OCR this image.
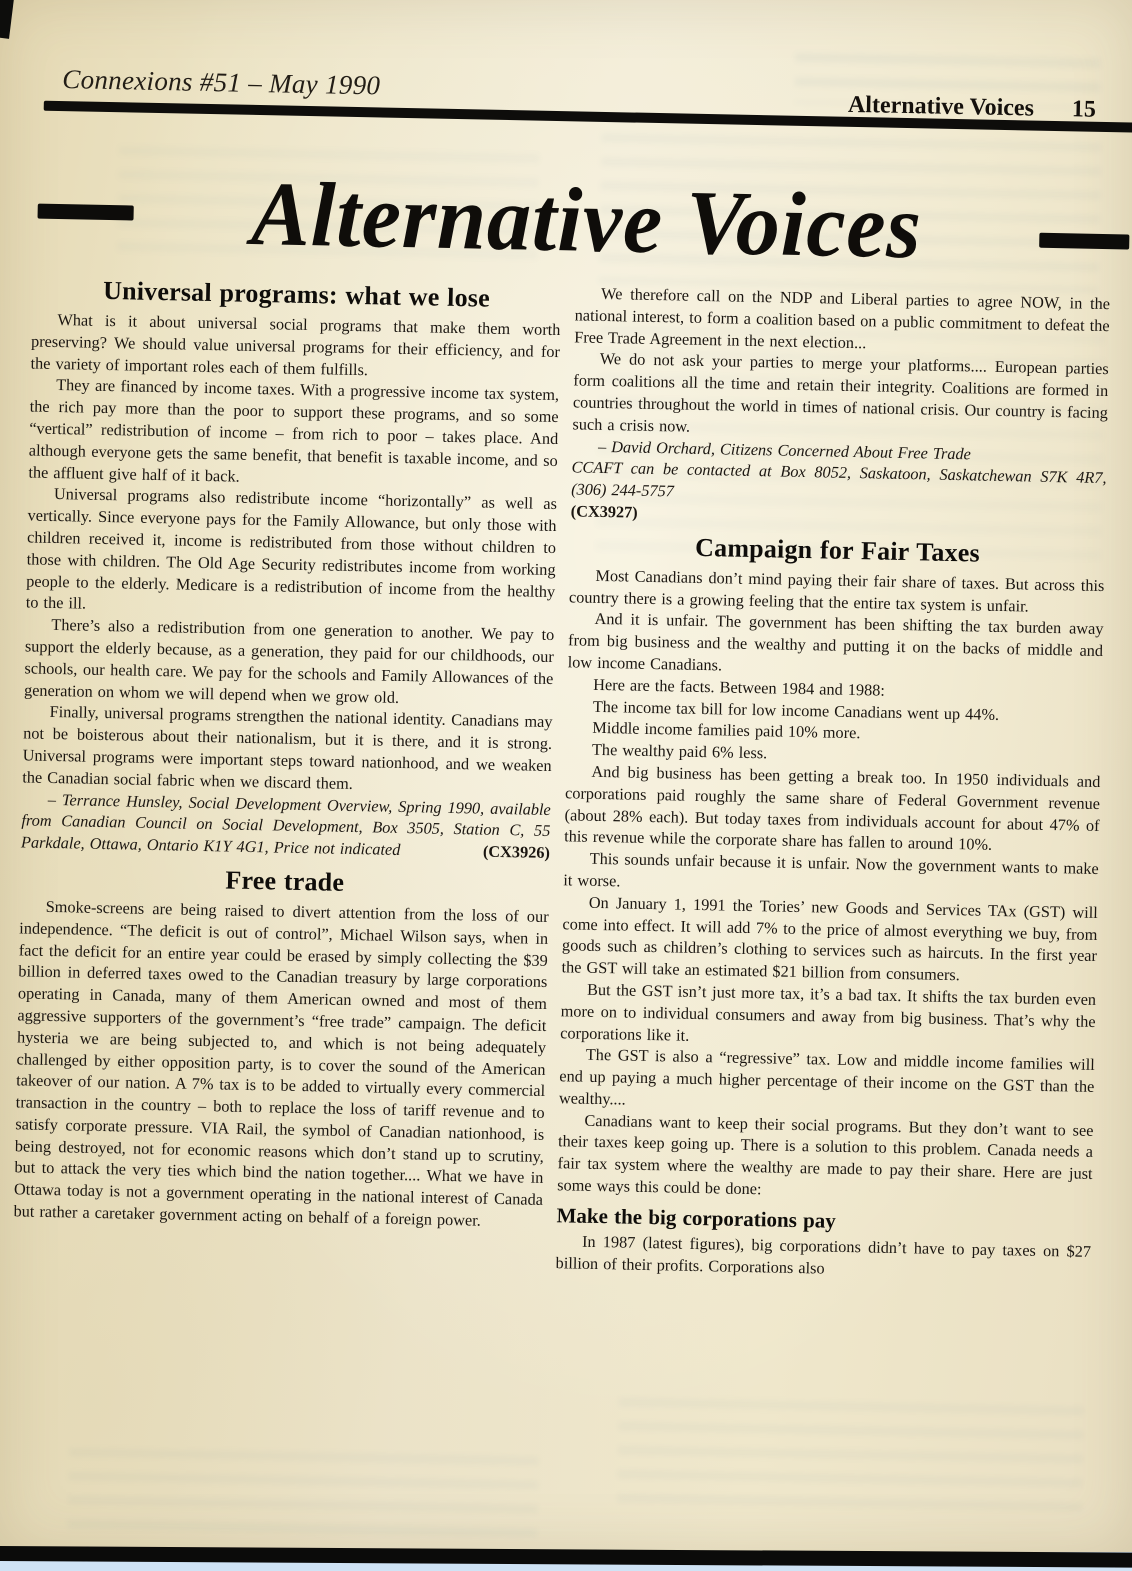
Connexions #51 – May 1990
Alternative Voices 15
Alternative Voices
Universal programs: what we lose

What is it about universal social programs that make them worth preserving? We should value universal programs for their efficiency, and for the variety of important roles each of them fulfills.

They are financed by income taxes. With a progressive income tax system, the rich pay more than the poor to support these programs, and so some “vertical” redistribution of income – from rich to poor – takes place. And although everyone gets the same benefit, that benefit is taxable income, and so the affluent give half of it back.

Universal programs also redistribute income “horizontally” as well as vertically. Since everyone pays for the Family Allowance, but only those with children received it, income is redistributed from those without children to those with children. The Old Age Security redistributes income from working people to the elderly. Medicare is a redistribution of income from the healthy to the ill.

There’s also a redistribution from one generation to another. We pay to support the elderly because, as a generation, they paid for our childhoods, our schools, our health care. We pay for the schools and Family Allowances of the generation on whom we will depend when we grow old.

Finally, universal programs strengthen the national identity. Canadians may not be boisterous about their nationalism, but it is there, and it is strong. Universal programs were important steps toward nationhood, and we weaken the Canadian social fabric when we discard them.

– Terrance Hunsley, Social Development Overview, Spring 1990, available from Canadian Council on Social Development, Box 3505, Station C, 55 Parkdale, Ottawa, Ontario K1Y 4G1, Price not indicated	(CX3926)

Free trade

Smoke-screens are being raised to divert attention from the loss of our independence. “The deficit is out of control”, Michael Wilson says, when in fact the deficit for an entire year could be erased by simply collecting the $39 billion in deferred taxes owed to the Canadian treasury by large corporations operating in Canada, many of them American owned and most of them aggressive supporters of the government’s “free trade” campaign. The deficit hysteria we are being subjected to, and which is not being adequately challenged by either opposition party, is to cover the sound of the American takeover of our nation. A 7% tax is to be added to virtually every commercial transaction in the country – both to replace the loss of tariff revenue and to satisfy corporate pressure. VIA Rail, the symbol of Canadian nationhood, is being destroyed, not for economic reasons which don’t stand up to scrutiny, but to attack the very ties which bind the nation together.... What we have in Ottawa today is not a government operating in the national interest of Canada but rather a caretaker government acting on behalf of a foreign power.

We therefore call on the NDP and Liberal parties to agree NOW, in the national interest, to form a coalition based on a public commitment to defeat the Free Trade Agreement in the next election...

We do not ask your parties to merge your platforms.... European parties form coalitions all the time and retain their integrity. Coalitions are formed in countries throughout the world in times of national crisis. Our country is facing such a crisis now.

– David Orchard, Citizens Concerned About Free Trade

CCAFT can be contacted at Box 8052, Saskatoon, Saskatchewan S7K 4R7, (306) 244-5757

(CX3927)

Campaign for Fair Taxes

Most Canadians don’t mind paying their fair share of taxes. But across this country there is a growing feeling that the entire tax system is unfair.

And it is unfair. The government has been shifting the tax burden away from big business and the wealthy and putting it on the backs of middle and low income Canadians.

Here are the facts. Between 1984 and 1988:

The income tax bill for low income Canadians went up 44%.

Middle income families paid 10% more.

The wealthy paid 6% less.

And big business has been getting a break too. In 1950 individuals and corporations paid roughly the same share of Federal Government revenue (about 28% each). But today taxes from individuals account for about 47% of this revenue while the corporate share has fallen to around 10%.

This sounds unfair because it is unfair. Now the government wants to make it worse.

On January 1, 1991 the Tories’ new Goods and Services TAx (GST) will come into effect. It will add 7% to the price of almost everything we buy, from goods such as children’s clothing to services such as haircuts. In the first year the GST will take an estimated $21 billion from consumers.

But the GST isn’t just more tax, it’s a bad tax. It shifts the tax burden even more on to individual consumers and away from big business. That’s why the corporations like it.

The GST is also a “regressive” tax. Low and middle income families will end up paying a much higher percentage of their income on the GST than the wealthy....

Canadians want to keep their social programs. But they don’t want to see their taxes keep going up. There is a solution to this problem. Canada needs a fair tax system where the wealthy are made to pay their share. Here are just some ways this could be done:

Make the big corporations pay

In 1987 (latest figures), big corporations didn’t have to pay taxes on $27 billion of their profits. Corporations also
